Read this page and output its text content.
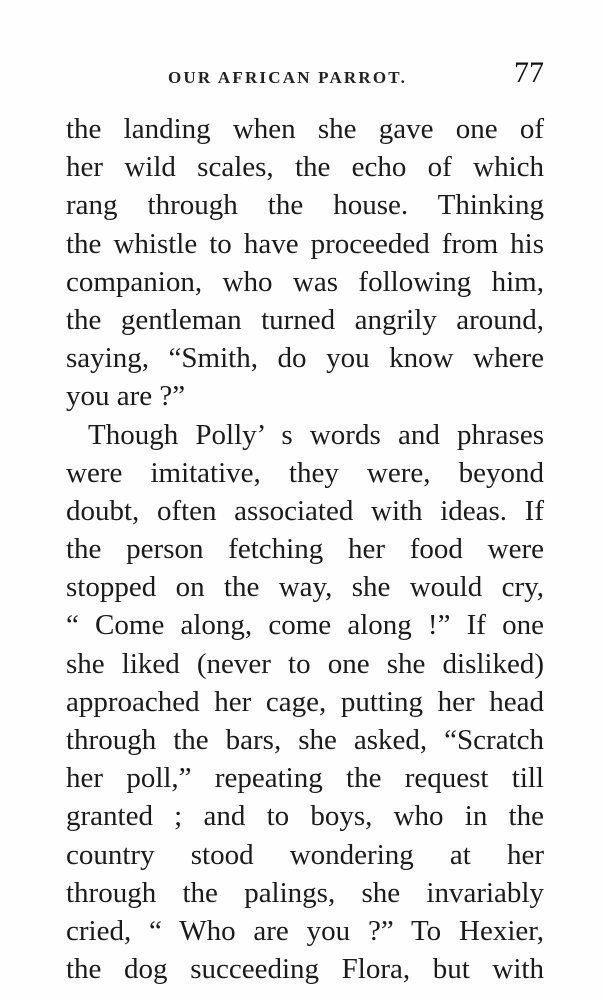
OUR AFRICAN PARROT.	77
the landing when she gave one of
her wild scales, the echo of which
rang through the house. Thinking
the whistle to have proceeded from his
companion, who was following him,
the gentleman turned angrily around,
saying, “Smith, do you know where
you are ?”
Though Polly’ s words and phrases
were imitative, they were, beyond
doubt, often associated with ideas. If
the person fetching her food were
stopped on the way, she would cry,
“ Come along, come along !” If one
she liked (never to one she disliked)
approached her cage, putting her head
through the bars, she asked, “Scratch
her poll,” repeating the request till
granted ; and to boys, who in the
country stood wondering at her
through the palings, she invariably
cried, “ Who are you ?” To Hexier,
the dog succeeding Flora, but with
